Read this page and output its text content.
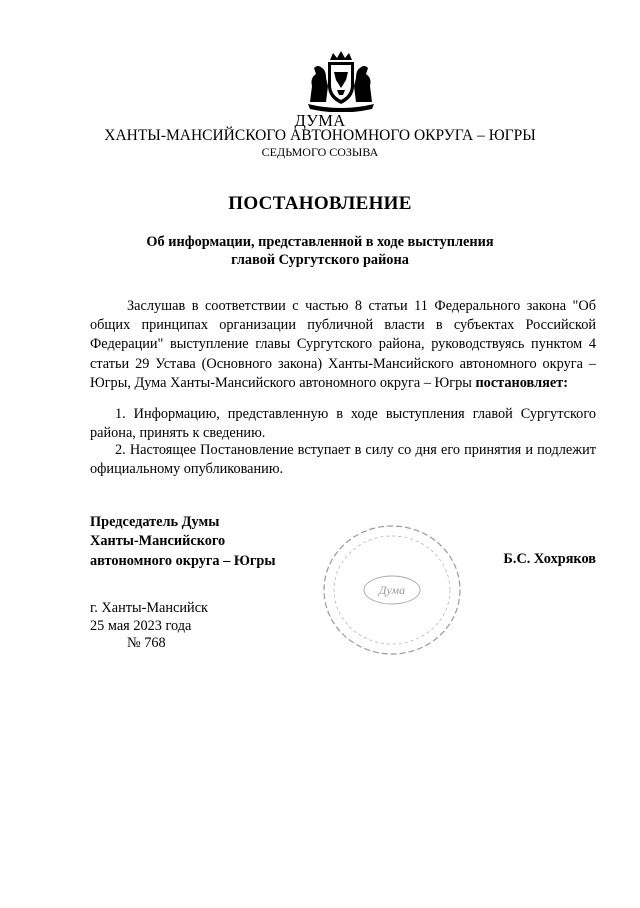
ДУМА
ХАНТЫ-МАНСИЙСКОГО АВТОНОМНОГО ОКРУГА – ЮГРЫ
СЕДЬМОГО СОЗЫВА
ПОСТАНОВЛЕНИЕ
Об информации, представленной в ходе выступления
главой Сургутского района
Заслушав в соответствии с частью 8 статьи 11 Федерального закона "Об общих принципах организации публичной власти в субъектах Российской Федерации" выступление главы Сургутского района, руководствуясь пунктом 4 статьи 29 Устава (Основного закона) Ханты-Мансийского автономного округа – Югры, Дума Ханты-Мансийского автономного округа – Югры постановляет:
1. Информацию, представленную в ходе выступления главой Сургутского района, принять к сведению.
2. Настоящее Постановление вступает в силу со дня его принятия и подлежит официальному опубликованию.
Председатель Думы
Ханты-Мансийского
автономного округа – Югры
Дума
Б.С. Хохряков
г. Ханты-Мансийск
25 мая 2023 года
№ 768
